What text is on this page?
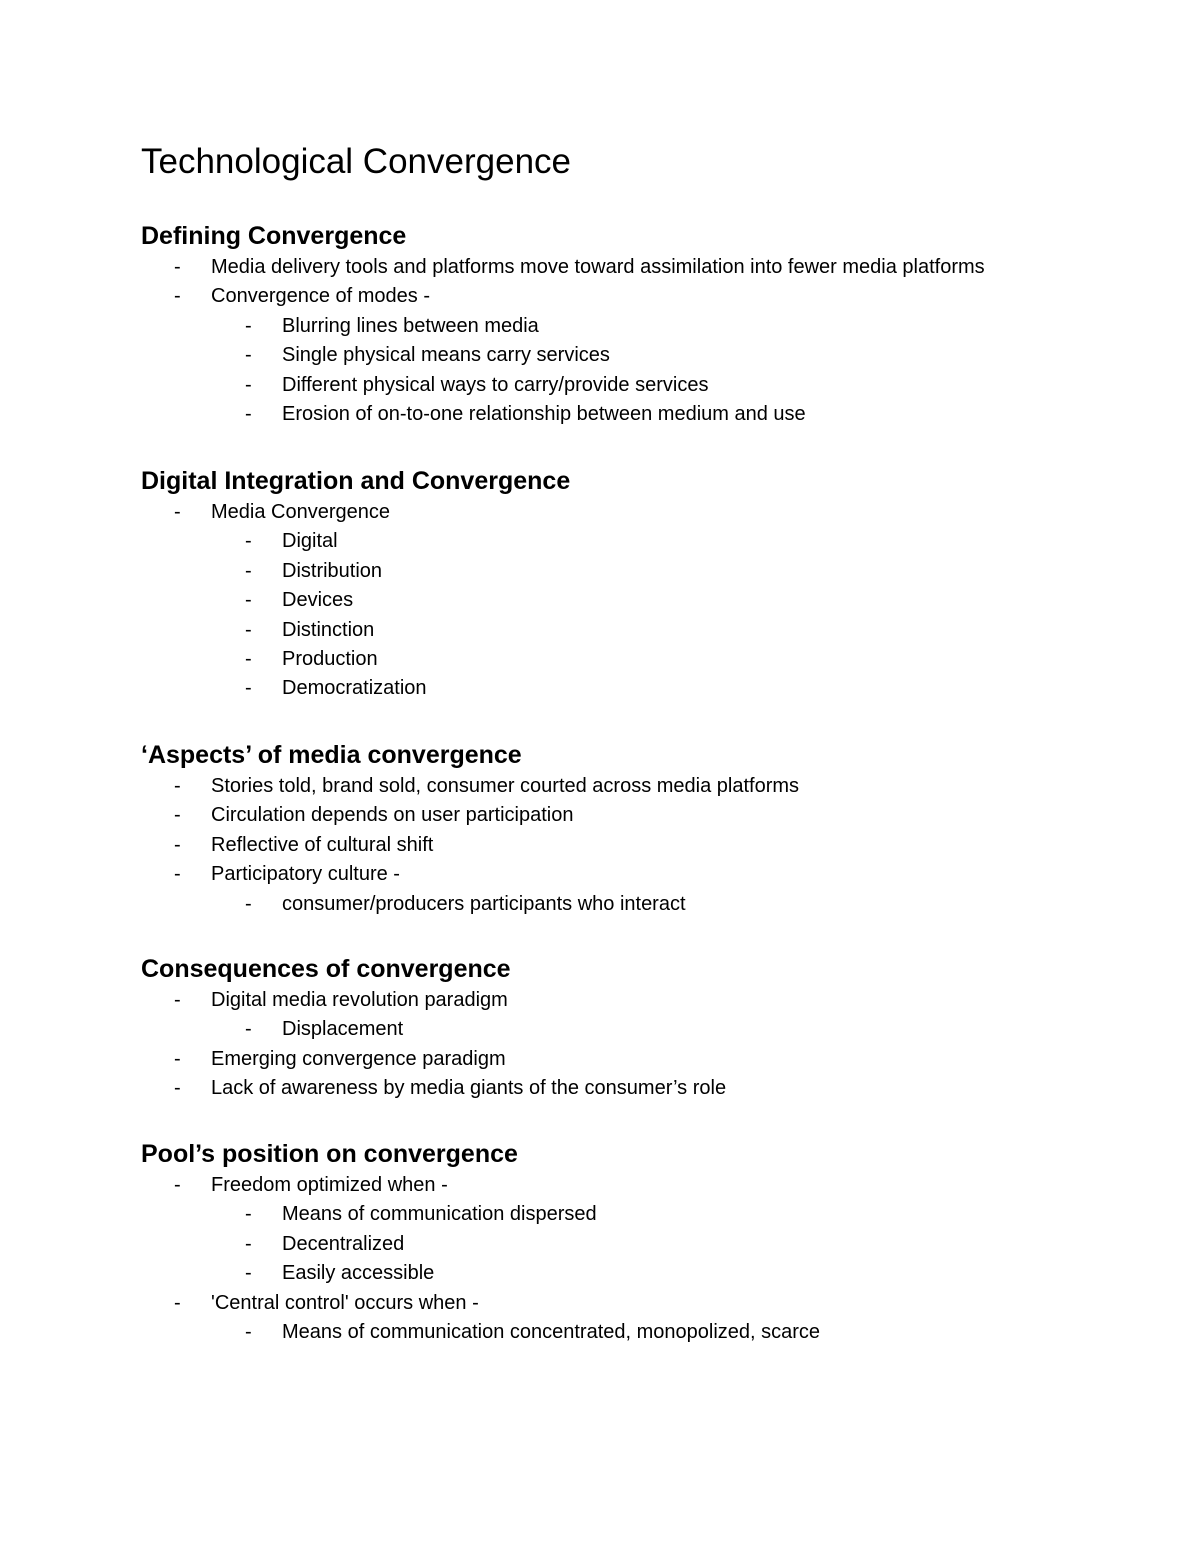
Technological Convergence
Defining Convergence
- Media delivery tools and platforms move toward assimilation into fewer media platforms
- Convergence of modes -
- Blurring lines between media
- Single physical means carry services
- Different physical ways to carry/provide services
- Erosion of on-to-one relationship between medium and use
Digital Integration and Convergence
- Media Convergence
- Digital
- Distribution
- Devices
- Distinction
- Production
- Democratization
‘Aspects’ of media convergence
- Stories told, brand sold, consumer courted across media platforms
- Circulation depends on user participation
- Reflective of cultural shift
- Participatory culture -
- consumer/producers participants who interact
Consequences of convergence
- Digital media revolution paradigm
- Displacement
- Emerging convergence paradigm
- Lack of awareness by media giants of the consumer’s role
Pool’s position on convergence
- Freedom optimized when -
- Means of communication dispersed
- Decentralized
- Easily accessible
- 'Central control' occurs when -
- Means of communication concentrated, monopolized, scarce
